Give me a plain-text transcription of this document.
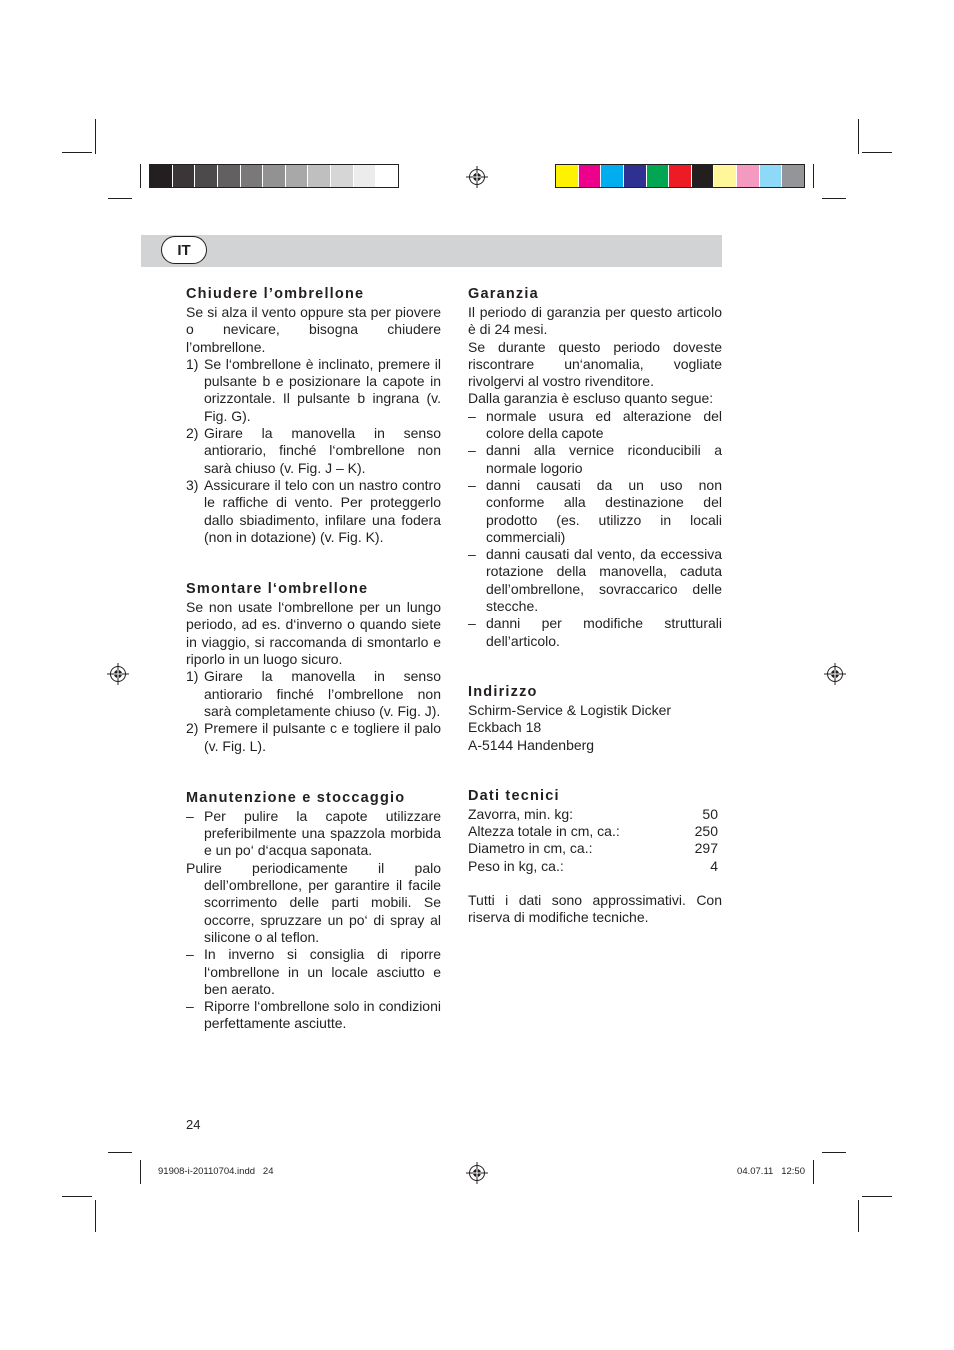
IT
Chiudere l’ombrellone

Se si alza il vento oppure sta per piovere o nevicare, bisogna chiudere l’ombrellone.

1) Se l‘ombrellone è inclinato, premere il pulsante b e posizionare la capote in orizzontale. Il pulsante b ingrana (v. Fig. G).
2) Girare la manovella in senso antiorario, finché l‘ombrellone non sarà chiuso (v. Fig. J – K).
3) Assicurare il telo con un nastro contro le raffiche di vento. Per proteggerlo dallo sbiadimento, infilare una fodera (non in dotazione) (v. Fig. K).
Smontare l‘ombrellone

Se non usate l‘ombrellone per un lungo periodo, ad es. d‘inverno o quando siete in viaggio, si raccomanda di smontarlo e riporlo in un luogo sicuro.

1) Girare la manovella in senso antiorario finché l’ombrellone non sarà completamente chiuso (v. Fig. J).
2) Premere il pulsante c e togliere il palo (v. Fig. L).
Manutenzione e stoccaggio
– Per pulire la capote utilizzare preferibilmente una spazzola morbida e un po‘ d‘acqua saponata.
Pulire periodicamente il palo dell’ombrellone, per garantire il facile scorrimento delle parti mobili. Se occorre, spruzzare un po‘ di spray al silicone o al teflon.
– In inverno si consiglia di riporre l‘ombrellone in un locale asciutto e ben aerato.
– Riporre l‘ombrellone solo in condizioni perfettamente asciutte.
Garanzia

Il periodo di garanzia per questo articolo è di 24 mesi.

Se durante questo periodo doveste riscontrare un‘anomalia, vogliate rivolgervi al vostro rivenditore.

Dalla garanzia è escluso quanto segue:

– normale usura ed alterazione del colore della capote
– danni alla vernice riconducibili a normale logorio
– danni causati da un uso non conforme alla destinazione del prodotto (es. utilizzo in locali commerciali)
– danni causati dal vento, da eccessiva rotazione della manovella, caduta dell’ombrellone, sovraccarico delle stecche.
– danni per modifiche strutturali dell’articolo.
Indirizzo
Schirm-Service & Logistik Dicker
Eckbach 18
A-5144 Handenberg
Dati tecnici
Zavorra, min. kg:	50
Altezza totale in cm, ca.:	250
Diametro in cm, ca.:	297
Peso in kg, ca.:	4

Tutti i dati sono approssimativi. Con riserva di modifiche tecniche.

24
91908-i-20110704.indd   24	04.07.11   12:50
